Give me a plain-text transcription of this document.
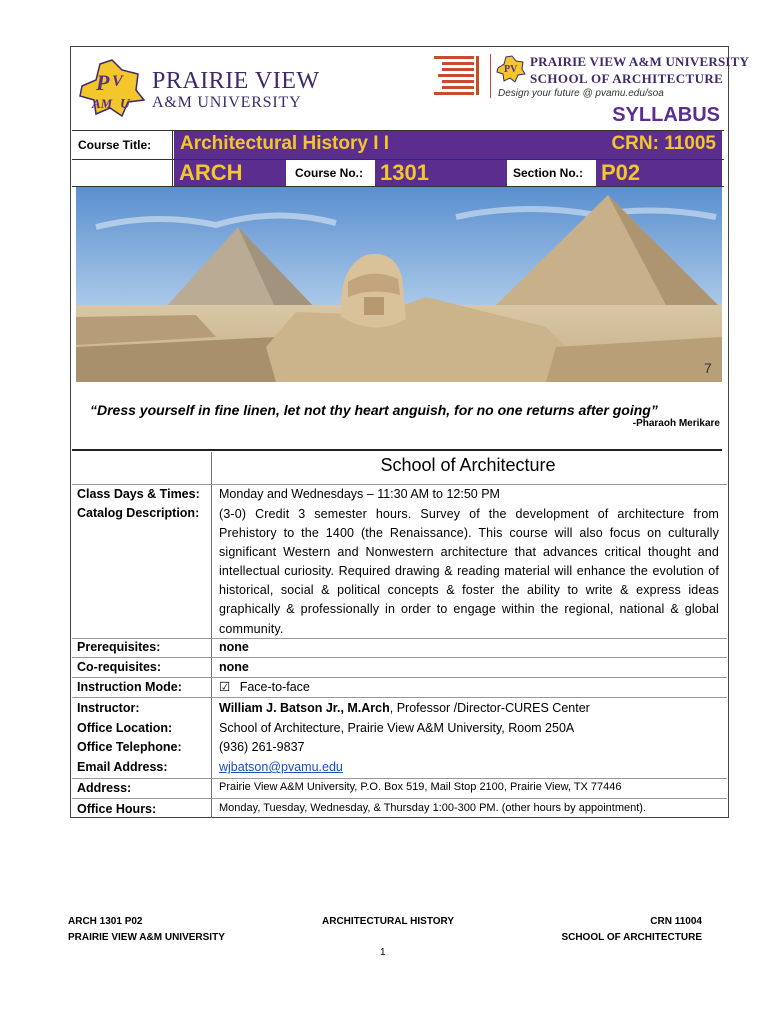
P V
AM U
PRAIRIE VIEW
A&M UNIVERSITY
PV
PRAIRIE VIEW A&M UNIVERSITY
SCHOOL OF ARCHITECTURE
Design your future @ pvamu.edu/soa
SYLLABUS
Course Title: Architectural History I I	CRN: 11005
ARCH	Course No.: 1301	Section No.: P02
7
“Dress yourself in fine linen, let not thy heart anguish, for no one returns after going”
-Pharaoh Merikare
School of Architecture
Class Days & Times: Monday and Wednesdays – 11:30 AM to 12:50 PM
Catalog Description: (3-0) Credit 3 semester hours. Survey of the development of architecture from Prehistory to the 1400 (the Renaissance). This course will also focus on culturally significant Western and Nonwestern architecture that advances critical thought and intellectual curiosity. Required drawing & reading material will enhance the evolution of historical, social & political concepts & foster the ability to write & express ideas graphically & professionally in order to engage within the regional, national & global community.
Prerequisites:	none
Co-requisites:	none
Instruction Mode:	☑ Face-to-face
Instructor:	William J. Batson Jr., M.Arch, Professor /Director-CURES Center
Office Location:	School of Architecture, Prairie View A&M University, Room 250A
Office Telephone:	(936) 261-9837
Email Address:	wjbatson@pvamu.edu
Address:	Prairie View A&M University, P.O. Box 519, Mail Stop 2100, Prairie View, TX 77446
Office Hours:	Monday, Tuesday, Wednesday, & Thursday 1:00-300 PM. (other hours by appointment).
ARCH 1301 P02
PRAIRIE VIEW A&M UNIVERSITY
ARCHITECTURAL HISTORY	CRN 11004
SCHOOL OF ARCHITECTURE
1
